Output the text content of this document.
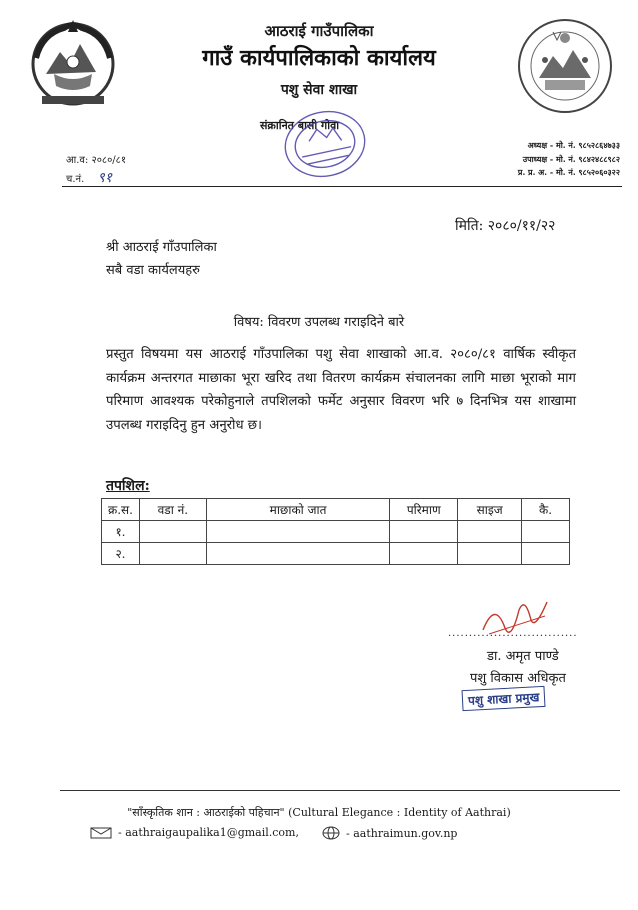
आठराई गाउँपालिका
गाउँ कार्यपालिकाको कार्यालय
पशु सेवा शाखा
संक्रानित बासी गोवा
आ.व: २०८०/८१
च.नं. ९१
अध्यक्ष - मो. नं. ९८५२८६४७३३
उपाध्यक्ष - मो. नं. ९८४२४८८९८२
प्र. प्र. अ. - मो. नं. ९८५२०६०३२२
मिति: २०८०/११/२२
श्री आठराई गाँउपालिका
सबै वडा कार्यलयहरु
विषय: विवरण उपलब्ध गराइदिने बारे
प्रस्तुत विषयमा यस आठराई गाँउपालिका पशु सेवा शाखाको आ.व. २०८०/८१ वार्षिक स्वीकृत कार्यक्रम अन्तरगत माछाका भूरा खरिद तथा वितरण कार्यक्रम संचालनका लागि माछा भूराको माग परिमाण आवश्यक परेकोहुनाले तपशिलको फर्मेट अनुसार विवरण भरि ७ दिनभित्र यस शाखामा उपलब्ध गराइदिनु हुन अनुरोध छ।
तपशिल:
क्र.स.	वडा नं.	माछाको जात	परिमाण	साइज	कै.
१.					
२.					
...............................
डा. अमृत पाण्डे
पशु विकास अधिकृत
पशु शाखा प्रमुख
"साँस्कृतिक शान : आठराईको पहिचान" (Cultural Elegance : Identity of Aathrai)
- aathraigaupalika1@gmail.com,	- aathraimun.gov.np
